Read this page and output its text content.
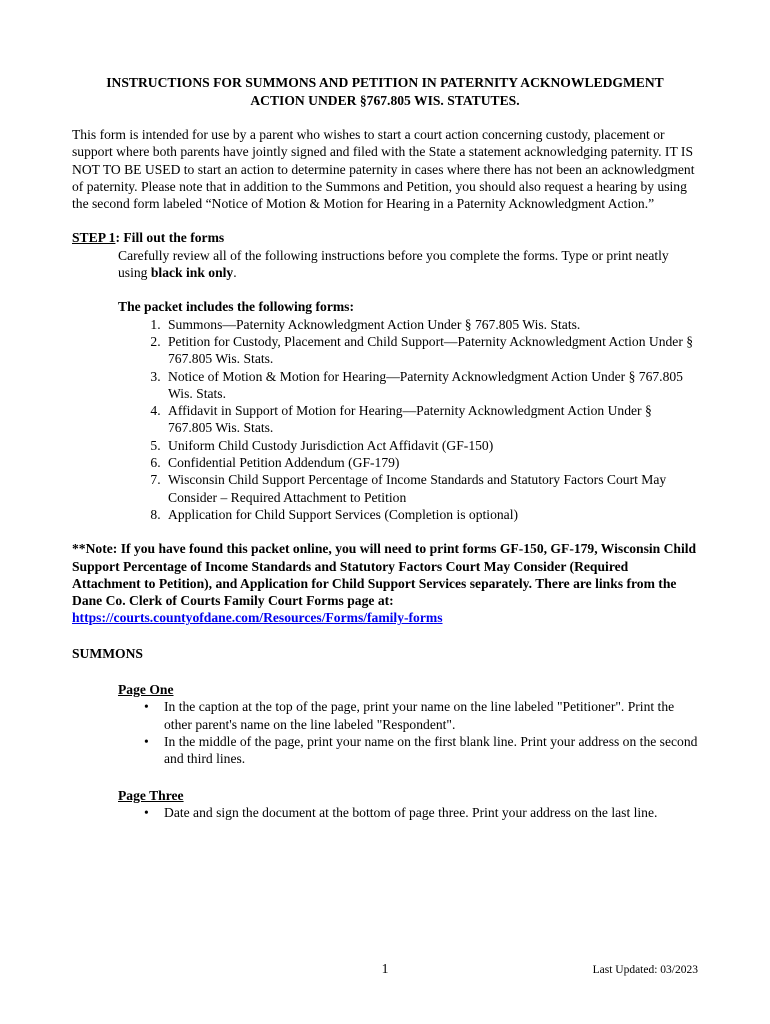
INSTRUCTIONS FOR SUMMONS AND PETITION IN PATERNITY ACKNOWLEDGMENT
ACTION UNDER §767.805 WIS. STATUTES.

This form is intended for use by a parent who wishes to start a court action concerning custody, placement or support where both parents have jointly signed and filed with the State a statement acknowledging paternity. IT IS NOT TO BE USED to start an action to determine paternity in cases where there has not been an acknowledgment of paternity. Please note that in addition to the Summons and Petition, you should also request a hearing by using the second form labeled “Notice of Motion & Motion for Hearing in a Paternity Acknowledgment Action.”

STEP 1: Fill out the forms

Carefully review all of the following instructions before you complete the forms. Type or print neatly using black ink only.

The packet includes the following forms:

1. Summons—Paternity Acknowledgment Action Under § 767.805 Wis. Stats.
2. Petition for Custody, Placement and Child Support—Paternity Acknowledgment Action Under § 767.805 Wis. Stats.
3. Notice of Motion & Motion for Hearing—Paternity Acknowledgment Action Under § 767.805 Wis. Stats.
4. Affidavit in Support of Motion for Hearing—Paternity Acknowledgment Action Under § 767.805 Wis. Stats.
5. Uniform Child Custody Jurisdiction Act Affidavit (GF-150)
6. Confidential Petition Addendum (GF-179)
7. Wisconsin Child Support Percentage of Income Standards and Statutory Factors Court May Consider – Required Attachment to Petition
8. Application for Child Support Services (Completion is optional)

**Note: If you have found this packet online, you will need to print forms GF-150, GF-179, Wisconsin Child Support Percentage of Income Standards and Statutory Factors Court May Consider (Required Attachment to Petition), and Application for Child Support Services separately. There are links from the Dane Co. Clerk of Courts Family Court Forms page at:
https://courts.countyofdane.com/Resources/Forms/family-forms

SUMMONS

Page One

• In the caption at the top of the page, print your name on the line labeled "Petitioner". Print the other parent's name on the line labeled "Respondent".
• In the middle of the page, print your name on the first blank line. Print your address on the second and third lines.

Page Three

• Date and sign the document at the bottom of page three. Print your address on the last line.
1	Last Updated: 03/2023
